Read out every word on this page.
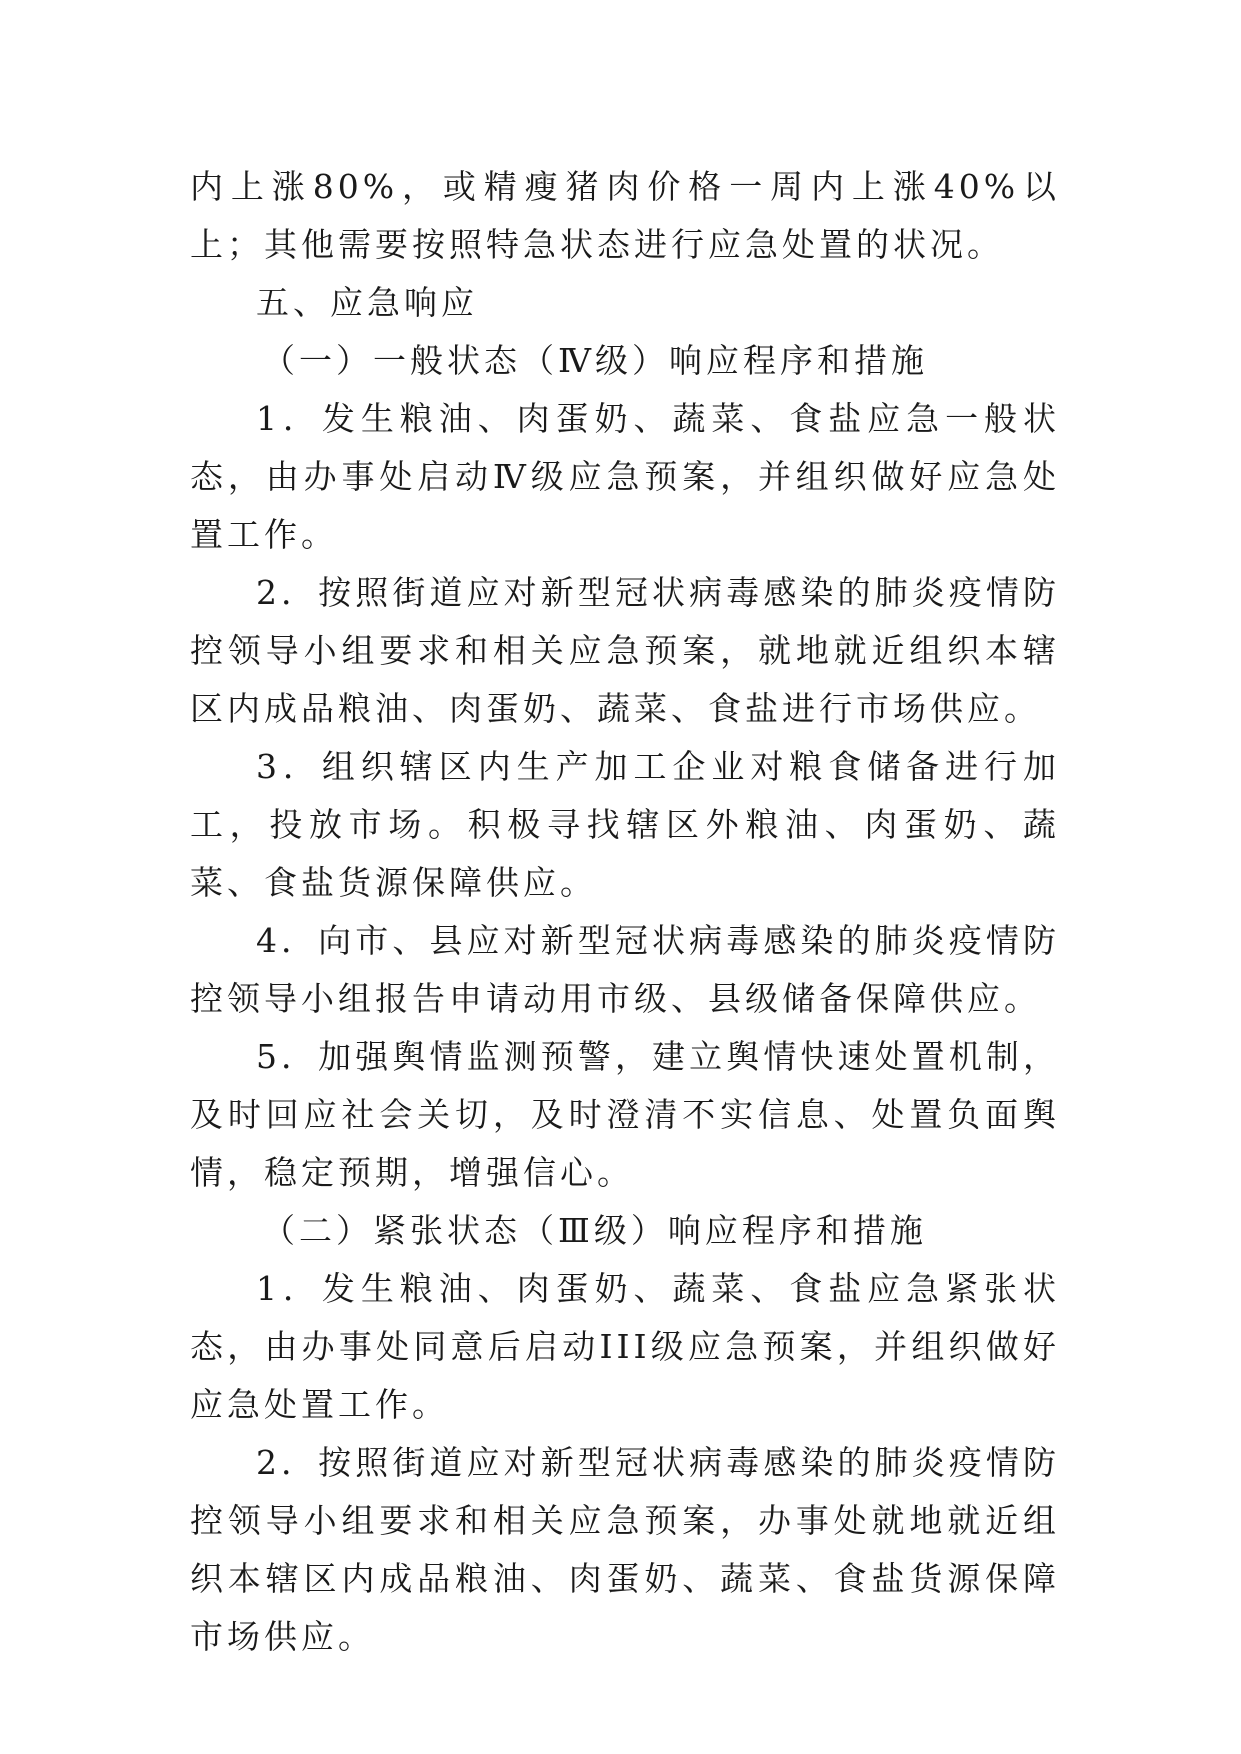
内上涨80%，或精瘦猪肉价格一周内上涨40%以上；其他需要按照特急状态进行应急处置的状况。

五、应急响应

（一）一般状态（Ⅳ级）响应程序和措施

1．发生粮油、肉蛋奶、蔬菜、食盐应急一般状态，由办事处启动Ⅳ级应急预案，并组织做好应急处置工作。

2．按照街道应对新型冠状病毒感染的肺炎疫情防控领导小组要求和相关应急预案，就地就近组织本辖区内成品粮油、肉蛋奶、蔬菜、食盐进行市场供应。

3．组织辖区内生产加工企业对粮食储备进行加工，投放市场。积极寻找辖区外粮油、肉蛋奶、蔬菜、食盐货源保障供应。

4．向市、县应对新型冠状病毒感染的肺炎疫情防控领导小组报告申请动用市级、县级储备保障供应。

5．加强舆情监测预警，建立舆情快速处置机制，及时回应社会关切，及时澄清不实信息、处置负面舆情，稳定预期，增强信心。

（二）紧张状态（Ⅲ级）响应程序和措施

1．发生粮油、肉蛋奶、蔬菜、食盐应急紧张状态，由办事处同意后启动III级应急预案，并组织做好应急处置工作。

2．按照街道应对新型冠状病毒感染的肺炎疫情防控领导小组要求和相关应急预案，办事处就地就近组织本辖区内成品粮油、肉蛋奶、蔬菜、食盐货源保障市场供应。
